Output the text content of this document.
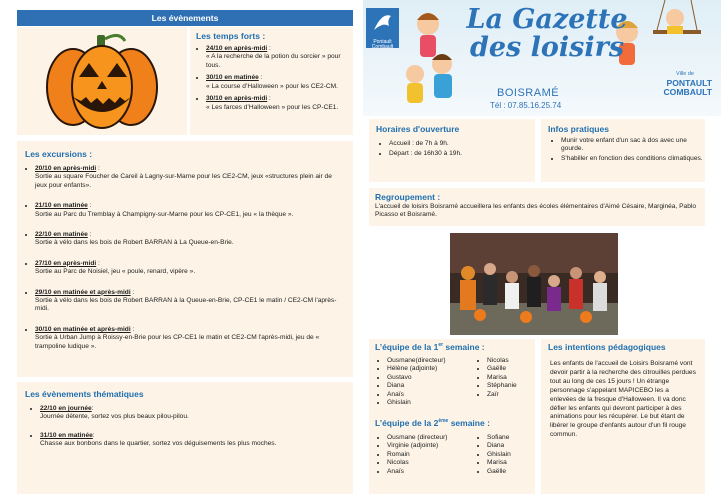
Les évènements
Les temps forts :
• 24/10 en après-midi :
« A la recherche de la potion du sorcier » pour tous.
• 30/10 en matinée :
« La course d’Halloween » pour les CE2-CM.
• 30/10 en après-midi :
« Les farces d’Halloween » pour les CP-CE1.
Les excursions :
• 20/10 en après-midi :
Sortie au square Foucher de Careil à Lagny-sur-Marne pour les CE2-CM, jeux «structures plein air de jeux pour enfants».
• 21/10 en matinée :
Sortie au Parc du Tremblay à Champigny-sur-Marne pour les CP-CE1, jeu « la thèque ».
• 22/10 en matinée :
Sortie à vélo dans les bois de Robert BARRAN à La Queue-en-Brie.
• 27/10 en après-midi :
Sortie au Parc de Noisiel, jeu « poule, renard, vipère ».
• 29/10 en matinée et après-midi :
Sortie à vélo dans les bois de Robert BARRAN à la Queue-en-Brie, CP-CE1 le matin / CE2-CM l'après-midi.
• 30/10 en matinée et après-midi :
Sortie à Urban Jump à Roissy-en-Brie pour les CP-CE1 le matin et CE2-CM l'après-midi, jeu de « trampoline ludique ».
Les évènements thématiques
• 22/10 en journée:
Journée détente, sortez vos plus beaux pilou-pilou.
• 31/10 en matinée:
Chasse aux bonbons dans le quartier, sortez vos déguisements les plus moches.
Pontault Combault
La Gazette
des loisirs
BOISRAMÉ
Tél : 07.85.16.25.74
Ville de
PONTAULT
COMBAULT
Horaires d'ouverture
• Accueil : de 7h à 9h.
• Départ : de 16h30 à 19h.
Infos pratiques
• Munir votre enfant d'un sac à dos avec une gourde.
• S'habiller en fonction des conditions climatiques.
Regroupement :
L'accueil de loisirs Boisramé accueillera les enfants des écoles élémentaires d'Aimé Césaire, Marginéa, Pablo Picasso et Boisramé.
L’équipe de la 1er semaine :
• Ousmane(directeur)
• Hélène (adjointe)
• Gustavo
• Diana
• Anaïs
• Ghislain
• Nicolas
• Gaëlle
• Marisa
• Stéphanie
• Zaïr
L’équipe de la 2ème semaine :
• Ousmane (directeur)
• Virginie (adjointe)
• Romain
• Nicolas
• Anaïs
• Sofiane
• Diana
• Ghislain
• Marisa
• Gaëlle
Les intentions pédagogiques
Les enfants de l'accueil de Loisirs Boisramé vont devoir partir à la recherche des citrouilles perdues tout au long de ces 15 jours ! Un étrange personnage s'appelant MAPICEBO les a enlevées de la fresque d'Halloween. Il va donc défier les enfants qui devront participer à des animations pour les récupérer. Le but étant de libérer le groupe d'enfants autour d'un fil rouge commun.
